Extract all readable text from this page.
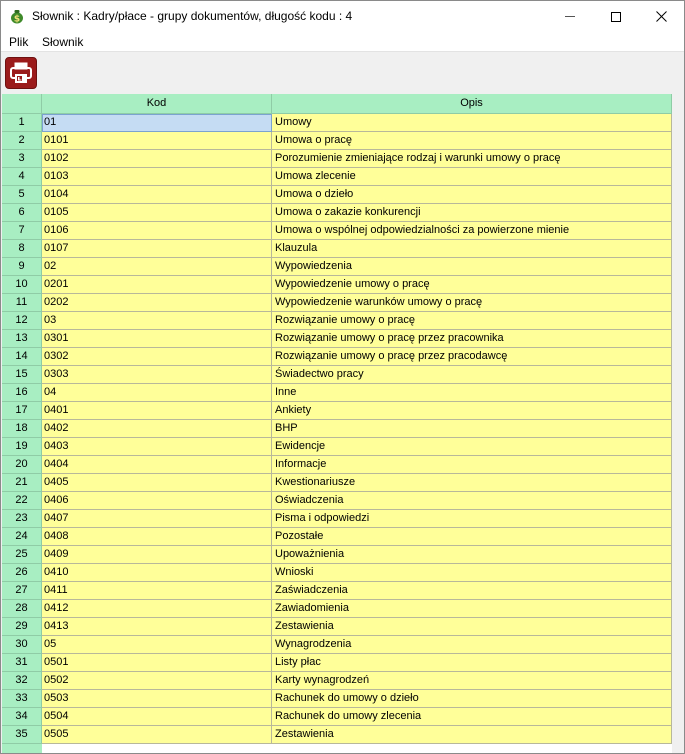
$ Słownik : Kadry/płace - grupy dokumentów, długość kodu : 4
Plik Słownik
Kod	Opis
1	01	Umowy
2	0101	Umowa o pracę
3	0102	Porozumienie zmieniające rodzaj i warunki umowy o pracę
4	0103	Umowa zlecenie
5	0104	Umowa o dzieło
6	0105	Umowa o zakazie konkurencji
7	0106	Umowa o wspólnej odpowiedzialności za powierzone mienie
8	0107	Klauzula
9	02	Wypowiedzenia
10	0201	Wypowiedzenie umowy o pracę
11	0202	Wypowiedzenie warunków umowy o pracę
12	03	Rozwiązanie umowy o pracę
13	0301	Rozwiązanie umowy o pracę przez pracownika
14	0302	Rozwiązanie umowy o pracę przez pracodawcę
15	0303	Świadectwo pracy
16	04	Inne
17	0401	Ankiety
18	0402	BHP
19	0403	Ewidencje
20	0404	Informacje
21	0405	Kwestionariusze
22	0406	Oświadczenia
23	0407	Pisma i odpowiedzi
24	0408	Pozostałe
25	0409	Upoważnienia
26	0410	Wnioski
27	0411	Zaświadczenia
28	0412	Zawiadomienia
29	0413	Zestawienia
30	05	Wynagrodzenia
31	0501	Listy płac
32	0502	Karty wynagrodzeń
33	0503	Rachunek do umowy o dzieło
34	0504	Rachunek do umowy zlecenia
35	0505	Zestawienia
